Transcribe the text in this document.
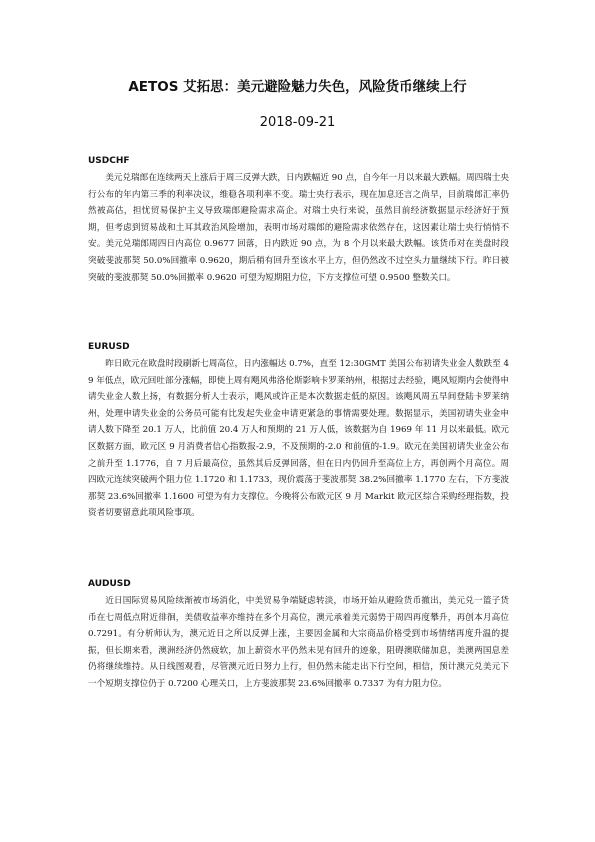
AETOS 艾拓思：美元避险魅力失色，风险货币继续上行
2018-09-21
USDCHF

美元兑瑞郎在连续两天上涨后于周三反弹大跌，日内跌幅近 90 点，自今年一月以来最大跌幅。周四瑞士央行公布的年内第三季的利率决议，维稳各项利率不变。瑞士央行表示，现在加息还言之尚早，目前瑞郎汇率仍然被高估，担忧贸易保护主义导致瑞郎避险需求高企。对瑞士央行来说，虽然目前经济数据显示经济好于预期，但考虑到贸易战和土耳其政治风险增加，表明市场对瑞郎的避险需求依然存在，这因素让瑞士央行悄悄不安。美元兑瑞郎周四日内高位 0.9677 回落，日内跌近 90 点，为 8 个月以来最大跌幅。该货币对在美盘时段突破斐波那契 50.0%回撤率 0.9620，期后稍有回升至该水平上方，但仍然改不过空头力量继续下行。昨日被突破的斐波那契 50.0%回撤率 0.9620 可望为短期阻力位，下方支撑位可望 0.9500 整数关口。

EURUSD

昨日欧元在欧盘时段刷新七周高位，日内涨幅达 0.7%，直至 12:30GMT 美国公布初请失业金人数跌至 49 年低点，欧元回吐部分涨幅，即使上周有飓风弗洛伦斯影响卡罗莱纳州，根据过去经验，飓风短期内会使得申请失业金人数上扬，有数据分析人士表示，飓风或许正是本次数据走低的原因。该飓风周五早间登陆卡罗莱纳州，处理申请失业金的公务员可能有比发起失业金申请更紧急的事情需要处理。数据显示，美国初请失业金申请人数下降至 20.1 万人，比前值 20.4 万人和预期的 21 万人低，该数据为自 1969 年 11 月以来最低。欧元区数据方面，欧元区 9 月消费者信心指数报-2.9，不及预期的-2.0 和前值的-1.9。欧元在美国初请失业金公布之前升至 1.1776，自 7 月后最高位，虽然其后反弹回落，但在日内仍回升至高位上方，再创两个月高位。周四欧元连续突破两个阻力位 1.1720 和 1.1733，现价震荡于斐波那契 38.2%回撤率 1.1770 左右，下方斐波那契 23.6%回撤率 1.1600 可望为有力支撑位。今晚将公布欧元区 9 月 Markit 欧元区综合采购经理指数，投资者切要留意此项风险事项。

AUDUSD

近日国际贸易风险续渐被市场消化，中美贸易争端疑虑转淡，市场开始从避险货币撤出，美元兑一篮子货币在七周低点附近徘徊，美债收益率亦维持在多个月高位，澳元承着美元弱势于周四再度攀升，再创本月高位 0.7291。有分析师认为，澳元近日之所以反弹上涨，主要因金属和大宗商品价格受到市场情绪再度升温的提振，但长期来看，澳洲经济仍然疲软，加上薪资水平仍然未见有回升的迹象，阻碍澳联储加息，美澳两国息差仍将继续维持。从日线图观看，尽管澳元近日努力上行，但仍然未能走出下行空间，相信，预计澳元兑美元下一个短期支撑位仍于 0.7200 心理关口，上方斐波那契 23.6%回撤率 0.7337 为有力阻力位。
